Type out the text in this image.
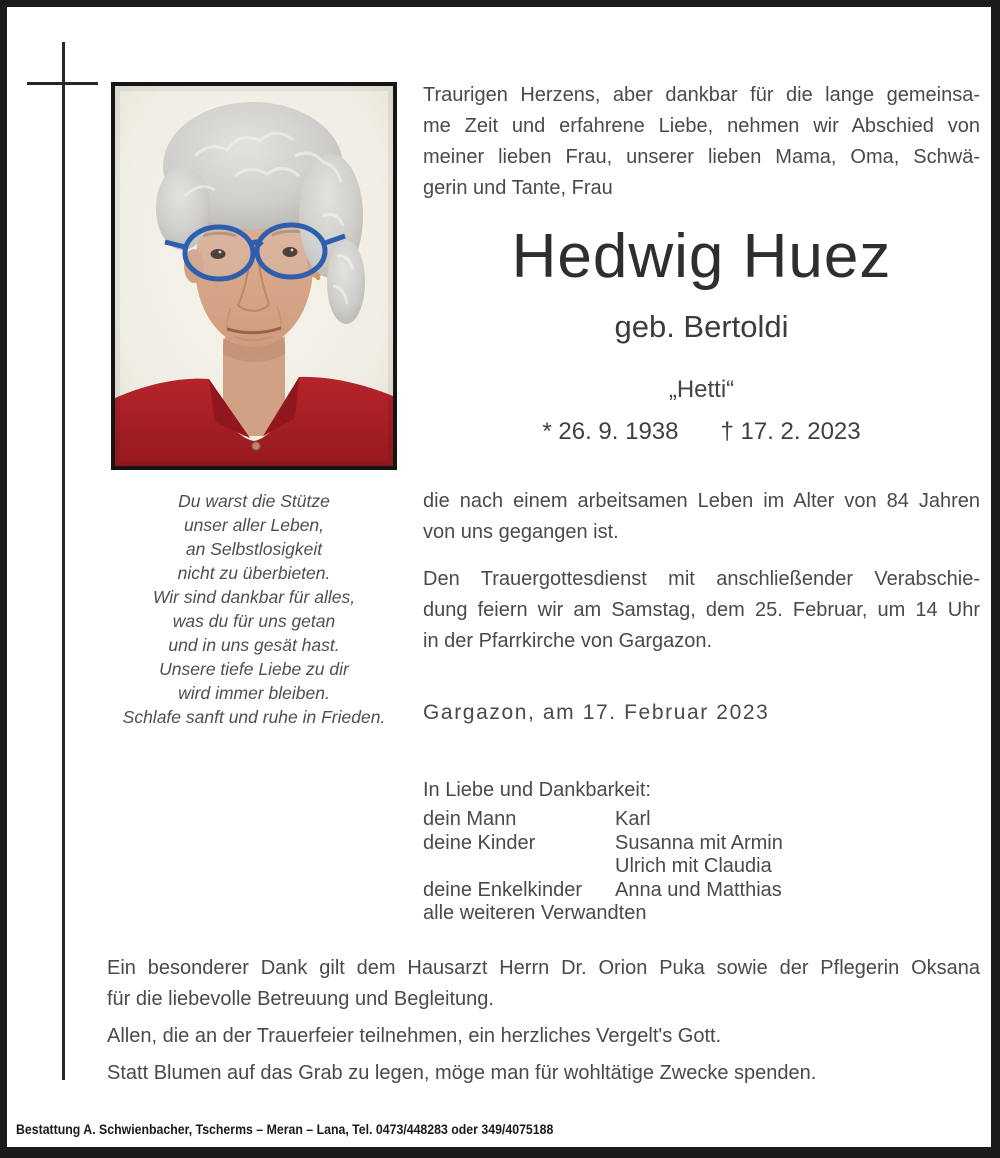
Traurigen Herzens, aber dankbar für die lange gemeinsa-
me Zeit und erfahrene Liebe, nehmen wir Abschied von
meiner lieben Frau, unserer lieben Mama, Oma, Schwä-
gerin und Tante, Frau
Hedwig Huez
geb. Bertoldi
„Hetti“
* 26. 9. 1938 † 17. 2. 2023
Du warst die Stütze
unser aller Leben,
an Selbstlosigkeit
nicht zu überbieten.
Wir sind dankbar für alles,
was du für uns getan
und in uns gesät hast.
Unsere tiefe Liebe zu dir
wird immer bleiben.
Schlafe sanft und ruhe in Frieden.
die nach einem arbeitsamen Leben im Alter von 84 Jahren
von uns gegangen ist.
Den Trauergottesdienst mit anschließender Verabschie-
dung feiern wir am Samstag, dem 25. Februar, um 14 Uhr
in der Pfarrkirche von Gargazon.
Gargazon, am 17. Februar 2023
In Liebe und Dankbarkeit:
dein Mann	Karl
deine Kinder	Susanna mit Armin
Ulrich mit Claudia
deine Enkelkinder Anna und Matthias
alle weiteren Verwandten
Ein besonderer Dank gilt dem Hausarzt Herrn Dr. Orion Puka sowie der Pflegerin Oksana
für die liebevolle Betreuung und Begleitung.
Allen, die an der Trauerfeier teilnehmen, ein herzliches Vergelt's Gott.
Statt Blumen auf das Grab zu legen, möge man für wohltätige Zwecke spenden.
Bestattung A. Schwienbacher, Tscherms – Meran – Lana, Tel. 0473/448283 oder 349/4075188
